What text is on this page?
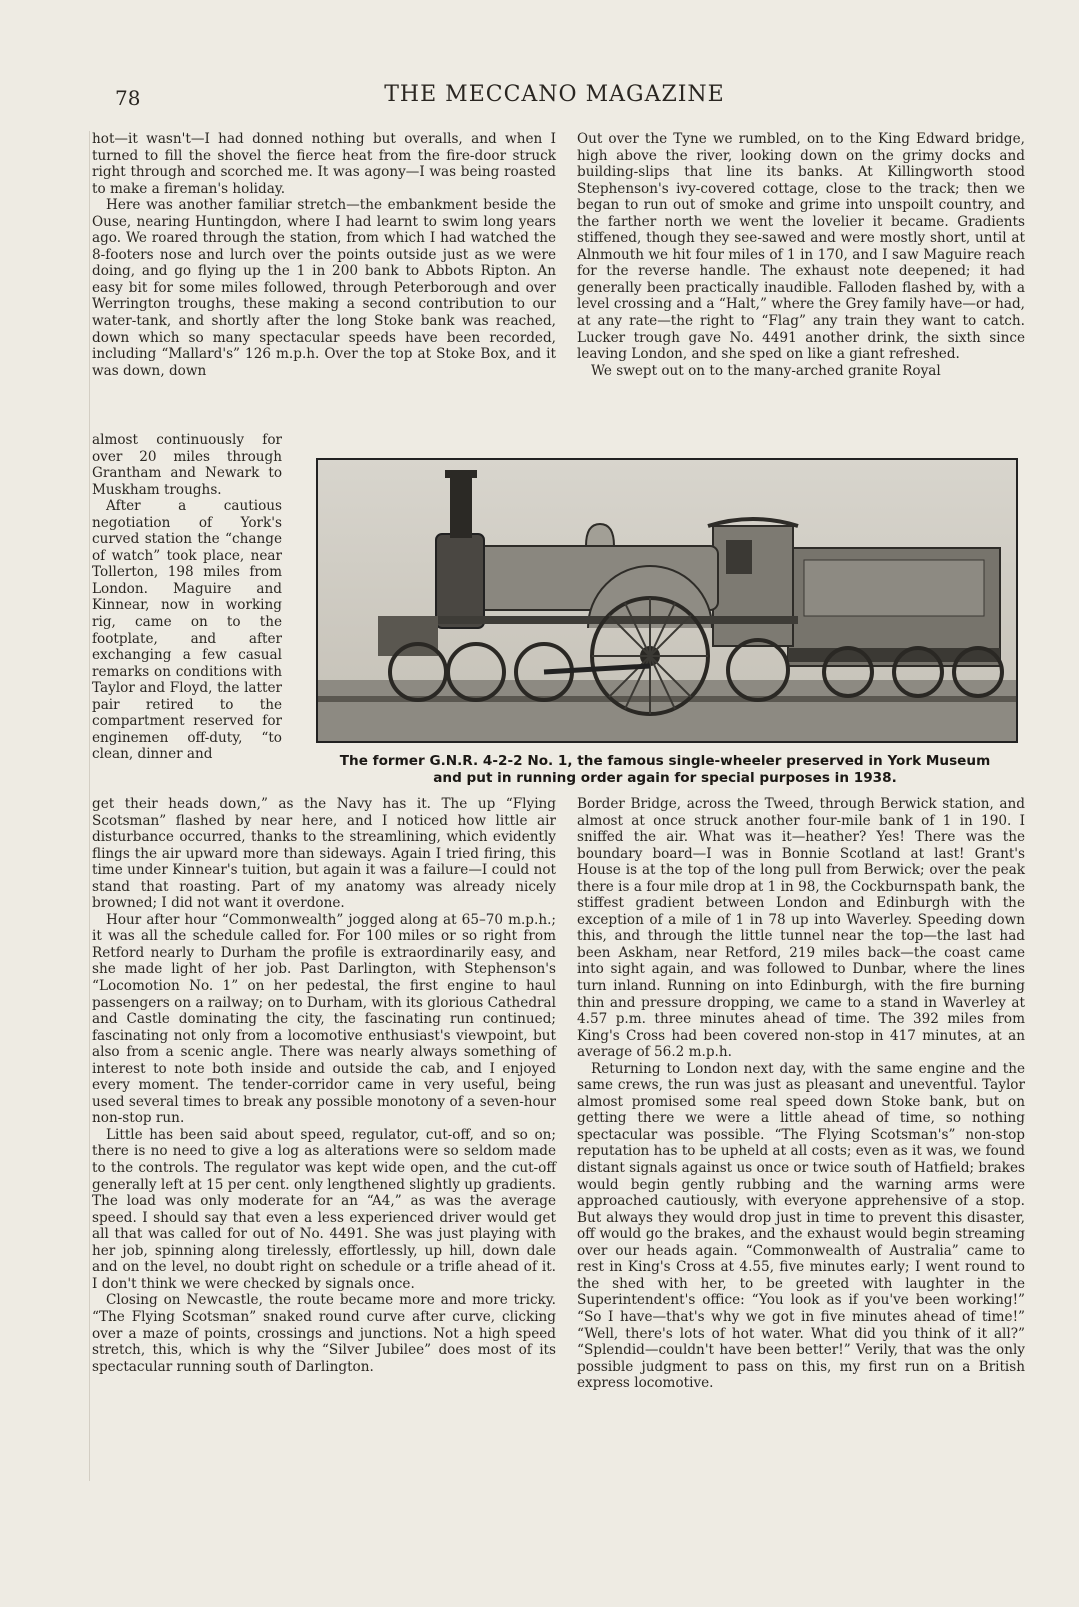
78	THE MECCANO MAGAZINE

hot—it wasn't—I had donned nothing but overalls, and when I turned to fill the shovel the fierce heat from the fire-door struck right through and scorched me. It was agony—I was being roasted to make a fireman's holiday.

Here was another familiar stretch—the embankment beside the Ouse, nearing Huntingdon, where I had learnt to swim long years ago. We roared through the station, from which I had watched the 8-footers nose and lurch over the points outside just as we were doing, and go flying up the 1 in 200 bank to Abbots Ripton. An easy bit for some miles followed, through Peterborough and over Werrington troughs, these making a second contribution to our water-tank, and shortly after the long Stoke bank was reached, down which so many spectacular speeds have been recorded, including “Mallard's” 126 m.p.h. Over the top at Stoke Box, and it was down, down

Out over the Tyne we rumbled, on to the King Edward bridge, high above the river, looking down on the grimy docks and building-slips that line its banks. At Killingworth stood Stephenson's ivy-covered cottage, close to the track; then we began to run out of smoke and grime into unspoilt country, and the farther north we went the lovelier it became. Gradients stiffened, though they see-sawed and were mostly short, until at Alnmouth we hit four miles of 1 in 170, and I saw Maguire reach for the reverse handle. The exhaust note deepened; it had generally been practically inaudible. Falloden flashed by, with a level crossing and a “Halt,” where the Grey family have—or had, at any rate—the right to “Flag” any train they want to catch. Lucker trough gave No. 4491 another drink, the sixth since leaving London, and she sped on like a giant refreshed.

We swept out on to the many-arched granite Royal

almost continuously for over 20 miles through Grantham and Newark to Muskham troughs.

After a cautious negotiation of York's curved station the “change of watch” took place, near Tollerton, 198 miles from London. Maguire and Kinnear, now in working rig, came on to the footplate, and after exchanging a few casual remarks on conditions with Taylor and Floyd, the latter pair retired to the compartment reserved for enginemen off-duty, “to clean, dinner and	The former G.N.R. 4-2-2 No. 1, the famous single-wheeler preserved in York Museum
and put in running order again for special purposes in 1938.

get their heads down,” as the Navy has it. The up “Flying Scotsman” flashed by near here, and I noticed how little air disturbance occurred, thanks to the streamlining, which evidently flings the air upward more than sideways. Again I tried firing, this time under Kinnear's tuition, but again it was a failure—I could not stand that roasting. Part of my anatomy was already nicely browned; I did not want it overdone.

Hour after hour “Commonwealth” jogged along at 65–70 m.p.h.; it was all the schedule called for. For 100 miles or so right from Retford nearly to Durham the profile is extraordinarily easy, and she made light of her job. Past Darlington, with Stephenson's “Locomotion No. 1” on her pedestal, the first engine to haul passengers on a railway; on to Durham, with its glorious Cathedral and Castle dominating the city, the fascinating run continued; fascinating not only from a locomotive enthusiast's viewpoint, but also from a scenic angle. There was nearly always something of interest to note both inside and outside the cab, and I enjoyed every moment. The tender-corridor came in very useful, being used several times to break any possible monotony of a seven-hour non-stop run.

Little has been said about speed, regulator, cut-off, and so on; there is no need to give a log as alterations were so seldom made to the controls. The regulator was kept wide open, and the cut-off generally left at 15 per cent. only lengthened slightly up gradients. The load was only moderate for an “A4,” as was the average speed. I should say that even a less experienced driver would get all that was called for out of No. 4491. She was just playing with her job, spinning along tirelessly, effortlessly, up hill, down dale and on the level, no doubt right on schedule or a trifle ahead of it. I don't think we were checked by signals once.

Closing on Newcastle, the route became more and more tricky. “The Flying Scotsman” snaked round curve after curve, clicking over a maze of points, crossings and junctions. Not a high speed stretch, this, which is why the “Silver Jubilee” does most of its spectacular running south of Darlington.

Border Bridge, across the Tweed, through Berwick station, and almost at once struck another four-mile bank of 1 in 190. I sniffed the air. What was it—heather? Yes! There was the boundary board—I was in Bonnie Scotland at last! Grant's House is at the top of the long pull from Berwick; over the peak there is a four mile drop at 1 in 98, the Cockburnspath bank, the stiffest gradient between London and Edinburgh with the exception of a mile of 1 in 78 up into Waverley. Speeding down this, and through the little tunnel near the top—the last had been Askham, near Retford, 219 miles back—the coast came into sight again, and was followed to Dunbar, where the lines turn inland. Running on into Edinburgh, with the fire burning thin and pressure dropping, we came to a stand in Waverley at 4.57 p.m. three minutes ahead of time. The 392 miles from King's Cross had been covered non-stop in 417 minutes, at an average of 56.2 m.p.h.

Returning to London next day, with the same engine and the same crews, the run was just as pleasant and uneventful. Taylor almost promised some real speed down Stoke bank, but on getting there we were a little ahead of time, so nothing spectacular was possible. “The Flying Scotsman's” non-stop reputation has to be upheld at all costs; even as it was, we found distant signals against us once or twice south of Hatfield; brakes would begin gently rubbing and the warning arms were approached cautiously, with everyone apprehensive of a stop. But always they would drop just in time to prevent this disaster, off would go the brakes, and the exhaust would begin streaming over our heads again. “Commonwealth of Australia” came to rest in King's Cross at 4.55, five minutes early; I went round to the shed with her, to be greeted with laughter in the Superintendent's office: “You look as if you've been working!” “So I have—that's why we got in five minutes ahead of time!” “Well, there's lots of hot water. What did you think of it all?” “Splendid—couldn't have been better!” Verily, that was the only possible judgment to pass on this, my first run on a British express locomotive.
